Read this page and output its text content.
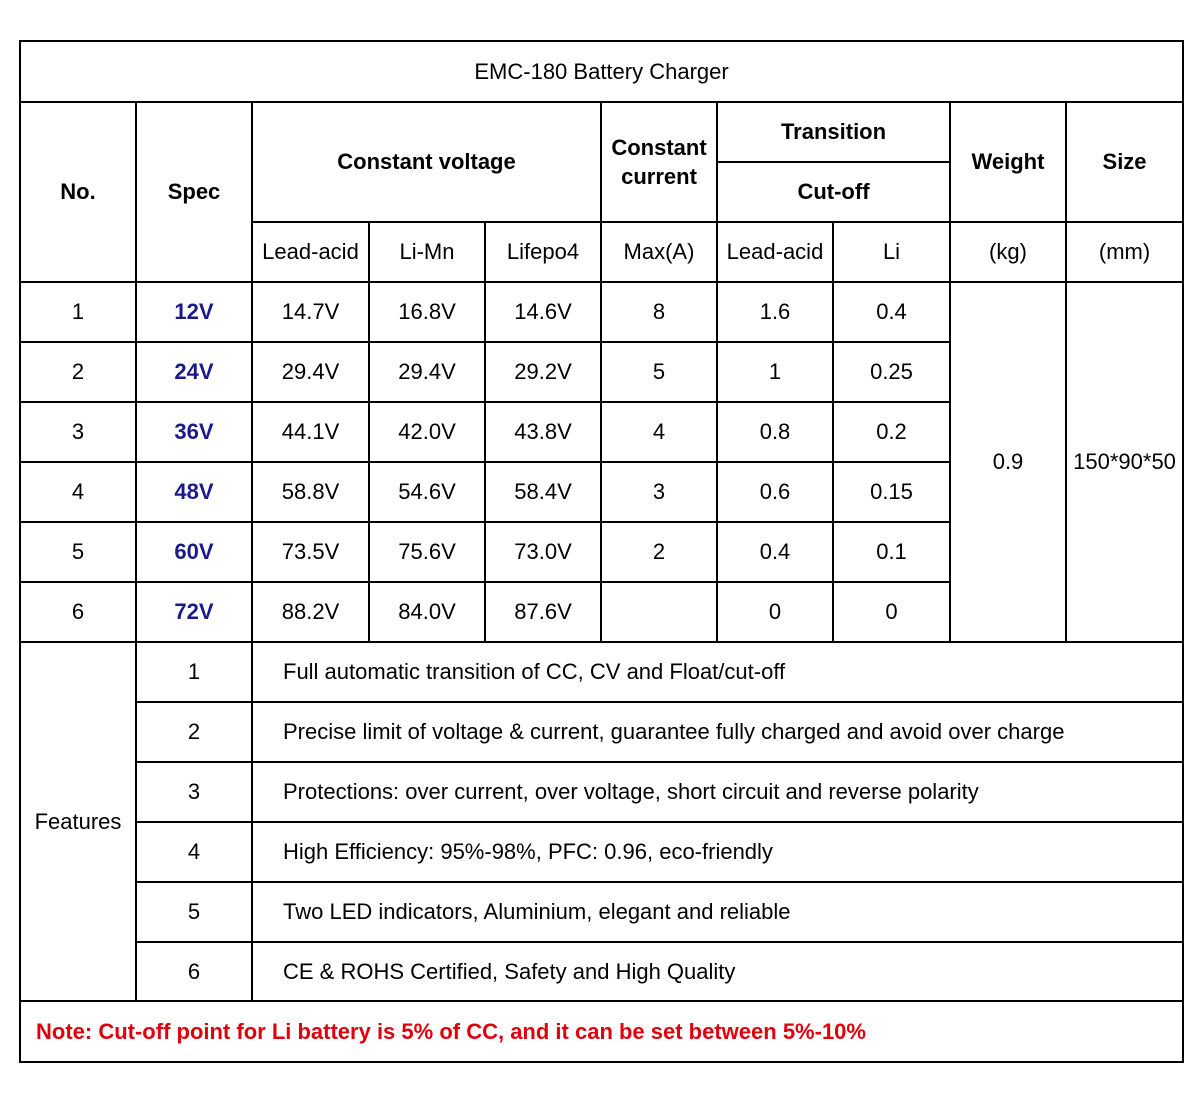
EMC-180 Battery Charger									
No.	Spec	Constant voltage			Constant current	Transition		Weight	Size
						Cut-off			
		Lead-acid	Li-Mn	Lifepo4	Max(A)	Lead-acid	Li	(kg)	(mm)
1	12V	14.7V	16.8V	14.6V	8	1.6	0.4	0.9	150*90*50
2	24V	29.4V	29.4V	29.2V	5	1	0.25		
3	36V	44.1V	42.0V	43.8V	4	0.8	0.2		
4	48V	58.8V	54.6V	58.4V	3	0.6	0.15		
5	60V	73.5V	75.6V	73.0V	2	0.4	0.1		
6	72V	88.2V	84.0V	87.6V		0	0		
Features	1	Full automatic transition of CC, CV and Float/cut-off							
	2	Precise limit of voltage & current, guarantee fully charged and avoid over charge							
	3	Protections: over current, over voltage, short circuit and reverse polarity							
	4	High Efficiency: 95%-98%, PFC: 0.96, eco-friendly							
	5	Two LED indicators, Aluminium, elegant and reliable							
	6	CE & ROHS Certified, Safety and High Quality							
Note: Cut-off point for Li battery is 5% of CC, and it can be set between 5%-10%									
